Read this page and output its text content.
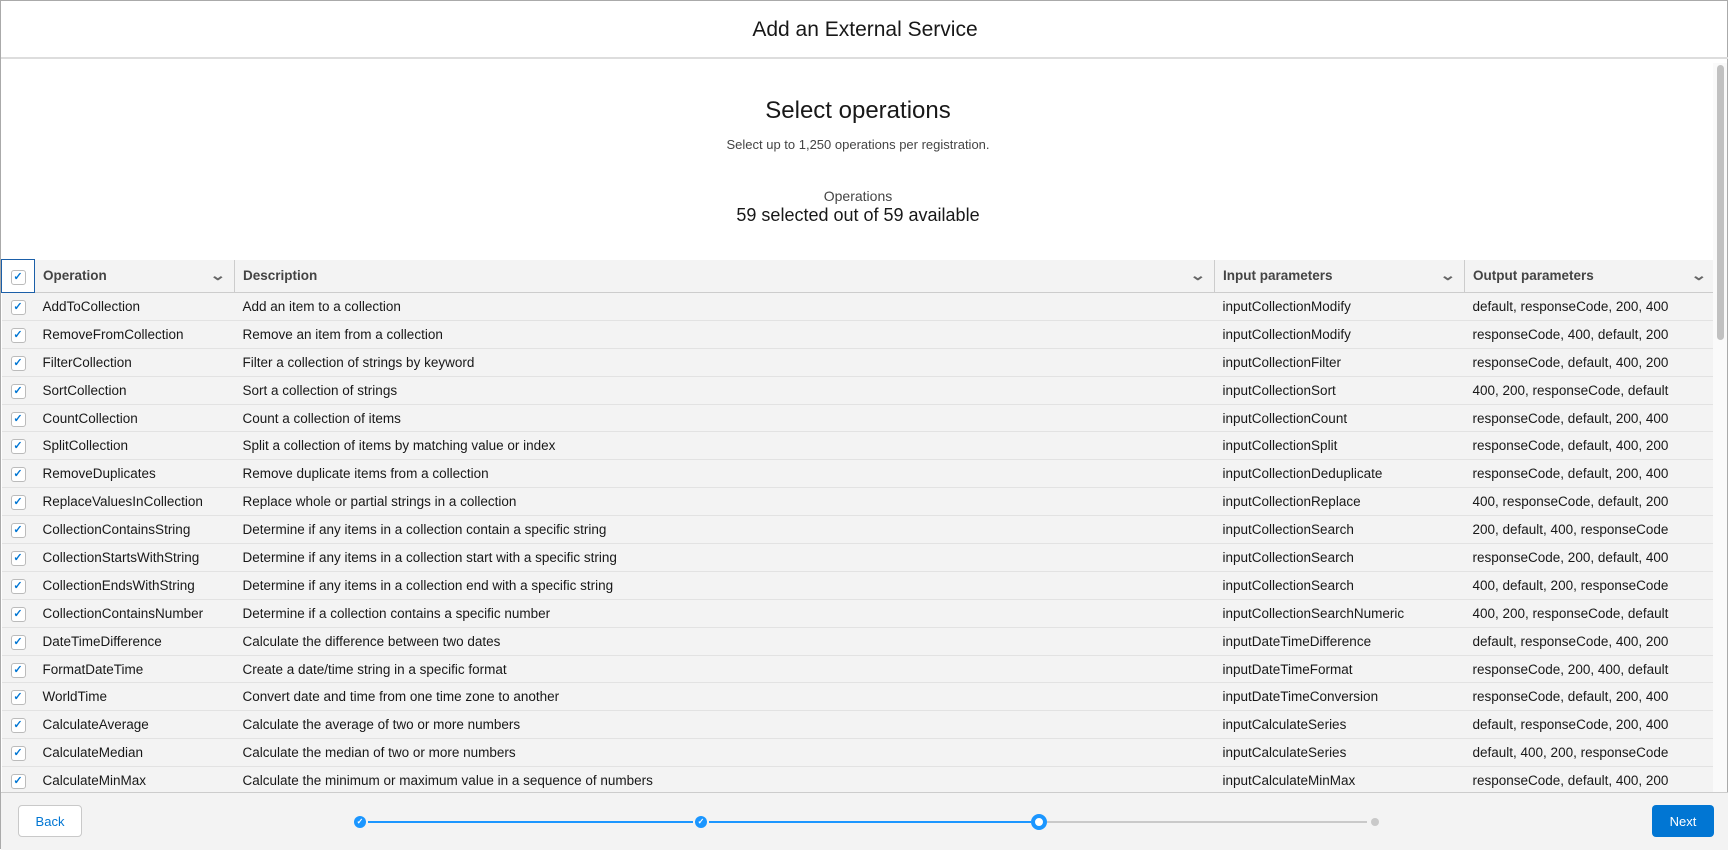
Add an External Service
Select operations
Select up to 1,250 operations per registration.
Operations
59 selected out of 59 available
✓	Operation ⌄	Description ⌄	Input parameters ⌄	Output parameters ⌄

✓	AddToCollection	Add an item to a collection	inputCollectionModify	default, responseCode, 200, 400
✓	RemoveFromCollection	Remove an item from a collection	inputCollectionModify	responseCode, 400, default, 200
✓	FilterCollection	Filter a collection of strings by keyword	inputCollectionFilter	responseCode, default, 400, 200
✓	SortCollection	Sort a collection of strings	inputCollectionSort	400, 200, responseCode, default
✓	CountCollection	Count a collection of items	inputCollectionCount	responseCode, default, 200, 400
✓	SplitCollection	Split a collection of items by matching value or index	inputCollectionSplit	responseCode, default, 400, 200
✓	RemoveDuplicates	Remove duplicate items from a collection	inputCollectionDeduplicate	responseCode, default, 200, 400
✓	ReplaceValuesInCollection	Replace whole or partial strings in a collection	inputCollectionReplace	400, responseCode, default, 200
✓	CollectionContainsString	Determine if any items in a collection contain a specific string	inputCollectionSearch	200, default, 400, responseCode
✓	CollectionStartsWithString	Determine if any items in a collection start with a specific string	inputCollectionSearch	responseCode, 200, default, 400
✓	CollectionEndsWithString	Determine if any items in a collection end with a specific string	inputCollectionSearch	400, default, 200, responseCode
✓	CollectionContainsNumber	Determine if a collection contains a specific number	inputCollectionSearchNumeric	400, 200, responseCode, default
✓	DateTimeDifference	Calculate the difference between two dates	inputDateTimeDifference	default, responseCode, 400, 200
✓	FormatDateTime	Create a date/time string in a specific format	inputDateTimeFormat	responseCode, 200, 400, default
✓	WorldTime	Convert date and time from one time zone to another	inputDateTimeConversion	responseCode, default, 200, 400
✓	CalculateAverage	Calculate the average of two or more numbers	inputCalculateSeries	default, responseCode, 200, 400
✓	CalculateMedian	Calculate the median of two or more numbers	inputCalculateSeries	default, 400, 200, responseCode
✓	CalculateMinMax	Calculate the minimum or maximum value in a sequence of numbers	inputCalculateMinMax	responseCode, default, 400, 200
Back	✓	✓	Next
